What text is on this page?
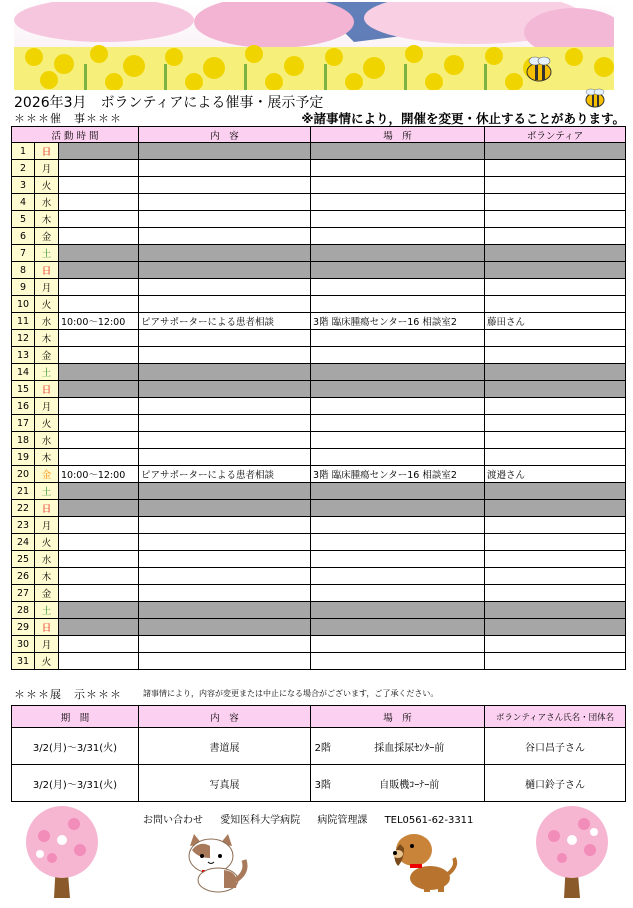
2026年3月　ボランティアによる催事・展示予定
＊＊＊催　事＊＊＊	※諸事情により，開催を変更・休止することがあります。
活 動 時 間			内　容	場　所	ボランティア
1	日				
2	月				
3	火				
4	水				
5	木				
6	金				
7	土				
8	日				
9	月				
10	火				
11	水	10:00～12:00	ピアサポーターによる患者相談	3階 臨床腫瘍センター16 相談室2	藤田さん
12	木				
13	金				
14	土				
15	日				
16	月				
17	火				
18	水				
19	木				
20	金	10:00～12:00	ピアサポーターによる患者相談	3階 臨床腫瘍センター16 相談室2	渡邉さん
21	土				
22	日				
23	月				
24	火				
25	水				
26	木				
27	金				
28	土				
29	日				
30	月				
31	火				
＊＊＊展　示＊＊＊	諸事情により，内容が変更または中止になる場合がございます，ご了承ください。
期　間	内　容	場　所		ボランティアさん氏名・団体名
3/2(月)～3/31(火)	書道展	2階	採血採尿ｾﾝﾀｰ前	谷口昌子さん
3/2(月)～3/31(火)	写真展	3階	自販機ｺｰﾅｰ前	樋口鈴子さん
お問い合わせ 愛知医科大学病院 病院管理課 TEL0561-62-3311
